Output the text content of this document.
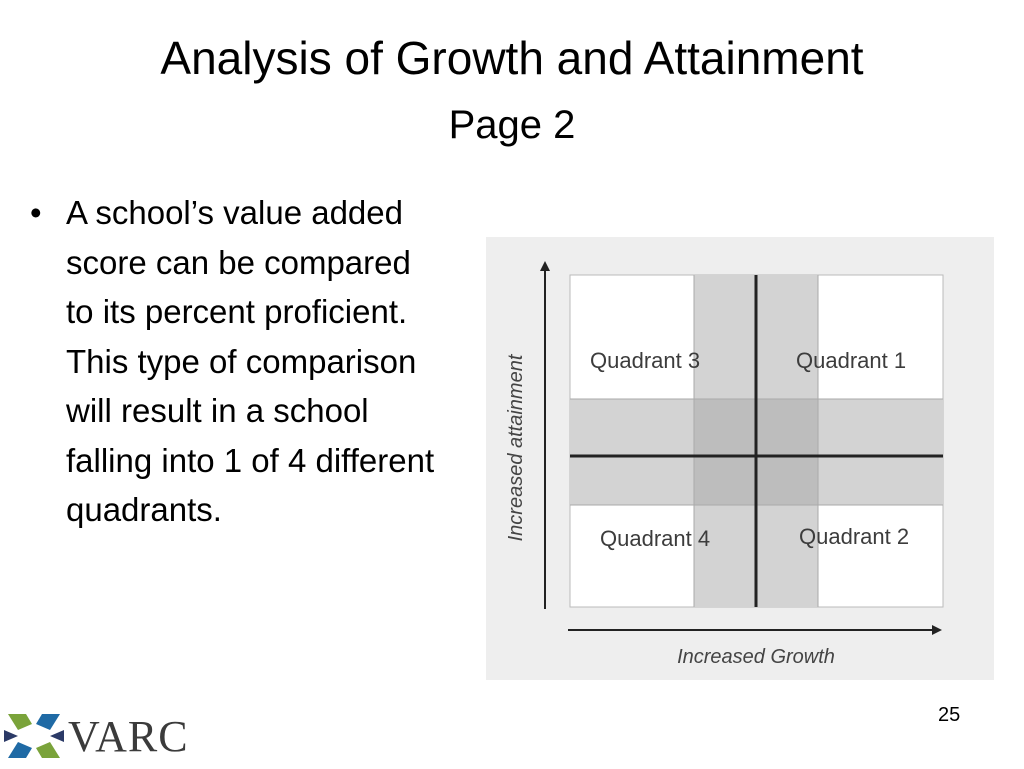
Analysis of Growth and Attainment
Page 2
• A school’s value added score can be compared to its percent proficient. This type of comparison will result in a school falling into 1 of 4 different quadrants.
Quadrant 3	Quadrant 1
Quadrant 4	Quadrant 2
Increased attainment
Increased Growth
25
VARC
